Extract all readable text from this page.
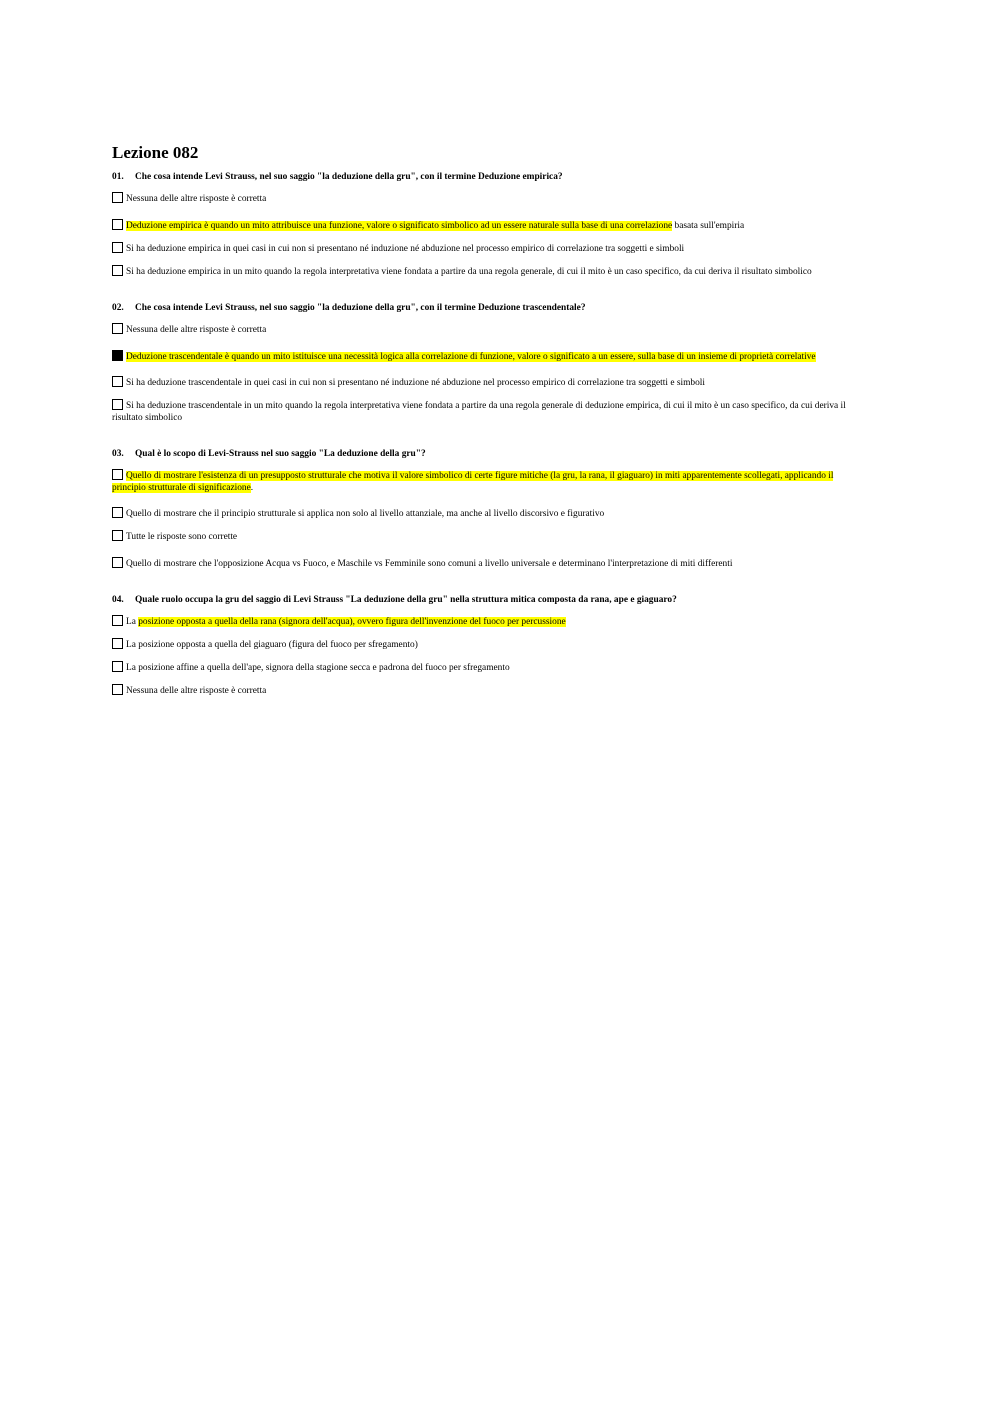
Lezione 082
01. Che cosa intende Levi Strauss, nel suo saggio "la deduzione della gru", con il termine Deduzione empirica?
Nessuna delle altre risposte è corretta
Deduzione empirica è quando un mito attribuisce una funzione, valore o significato simbolico ad un essere naturale sulla base di una correlazione basata sull'empiria
Si ha deduzione empirica in quei casi in cui non si presentano né induzione né abduzione nel processo empirico di correlazione tra soggetti e simboli
Si ha deduzione empirica in un mito quando la regola interpretativa viene fondata a partire da una regola generale, di cui il mito è un caso specifico, da cui deriva il risultato simbolico
02. Che cosa intende Levi Strauss, nel suo saggio "la deduzione della gru", con il termine Deduzione trascendentale?
Nessuna delle altre risposte è corretta
Deduzione trascendentale è quando un mito istituisce una necessità logica alla correlazione di funzione, valore o significato a un essere, sulla base di un insieme di proprietà correlative
Si ha deduzione trascendentale in quei casi in cui non si presentano né induzione né abduzione nel processo empirico di correlazione tra soggetti e simboli
Si ha deduzione trascendentale in un mito quando la regola interpretativa viene fondata a partire da una regola generale di deduzione empirica, di cui il mito è un caso specifico, da cui deriva il risultato simbolico
03. Qual è lo scopo di Levi-Strauss nel suo saggio "La deduzione della gru"?
Quello di mostrare l'esistenza di un presupposto strutturale che motiva il valore simbolico di certe figure mitiche (la gru, la rana, il giaguaro) in miti apparentemente scollegati, applicando il principio strutturale di significazione.
Quello di mostrare che il principio strutturale si applica non solo al livello attanziale, ma anche al livello discorsivo e figurativo
Tutte le risposte sono corrette
Quello di mostrare che l'opposizione Acqua vs Fuoco, e Maschile vs Femminile sono comuni a livello universale e determinano l'interpretazione di miti differenti
04. Quale ruolo occupa la gru del saggio di Levi Strauss "La deduzione della gru" nella struttura mitica composta da rana, ape e giaguaro?
La posizione opposta a quella della rana (signora dell'acqua), ovvero figura dell'invenzione del fuoco per percussione
La posizione opposta a quella del giaguaro (figura del fuoco per sfregamento)
La posizione affine a quella dell'ape, signora della stagione secca e padrona del fuoco per sfregamento
Nessuna delle altre risposte è corretta
